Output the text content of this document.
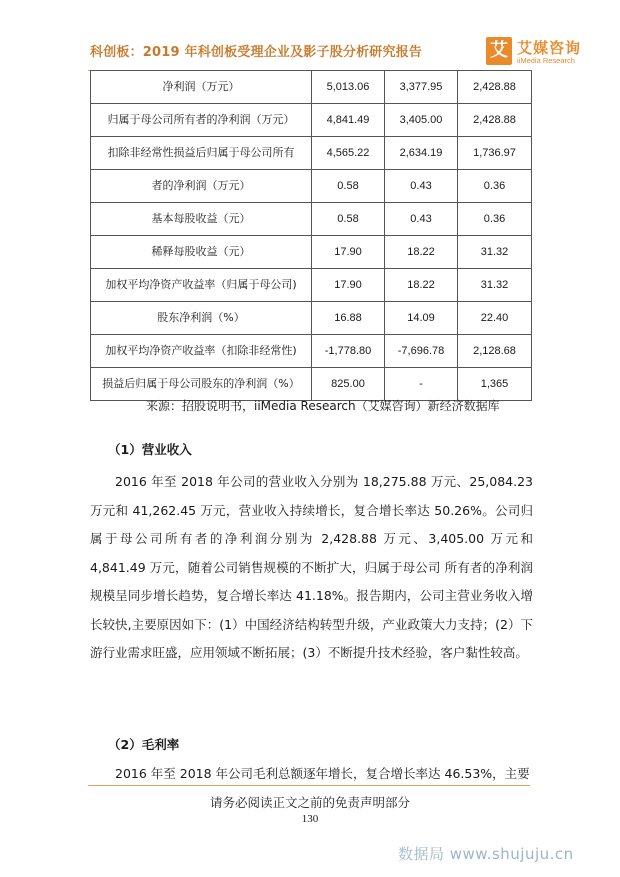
科创板：2019 年科创板受理企业及影子股分析研究报告	艾 艾媒咨询
iiMedia Research
净利润（万元）	5,013.06	3,377.95	2,428.88
归属于母公司所有者的净利润（万元）	4,841.49	3,405.00	2,428.88
扣除非经常性损益后归属于母公司所有	4,565.22	2,634.19	1,736.97
者的净利润（万元）	0.58	0.43	0.36
基本每股收益（元）	0.58	0.43	0.36
稀释每股收益（元）	17.90	18.22	31.32
加权平均净资产收益率（归属于母公司)	17.90	18.22	31.32
股东净利润（%）	16.88	14.09	22.40
加权平均净资产收益率（扣除非经常性)	-1,778.80	-7,696.78	2,128.68
损益后归属于母公司股东的净利润（%）	825.00	-	1,365
来源：招股说明书，iiMedia Research（艾媒咨询）新经济数据库
（1）营业收入

2016 年至 2018 年公司的营业收入分别为 18,275.88 万元、25,084.23 万元和 41,262.45 万元，营业收入持续增长，复合增长率达 50.26%。公司归属于母公司所有者的净利润分别为 2,428.88 万元、3,405.00 万元和 4,841.49 万元，随着公司销售规模的不断扩大，归属于母公司 所有者的净利润规模呈同步增长趋势，复合增长率达 41.18%。报告期内，公司主营业务收入增长较快,主要原因如下：(1）中国经济结构转型升级，产业政策大力支持；(2）下游行业需求旺盛，应用领域不断拓展；(3）不断提升技术经验，客户黏性较高。

（2）毛利率

2016 年至 2018 年公司毛利总额逐年增长，复合增长率达 46.53%，主要

请务必阅读正文之前的免责声明部分
130
数据局 www.shujuju.cn
